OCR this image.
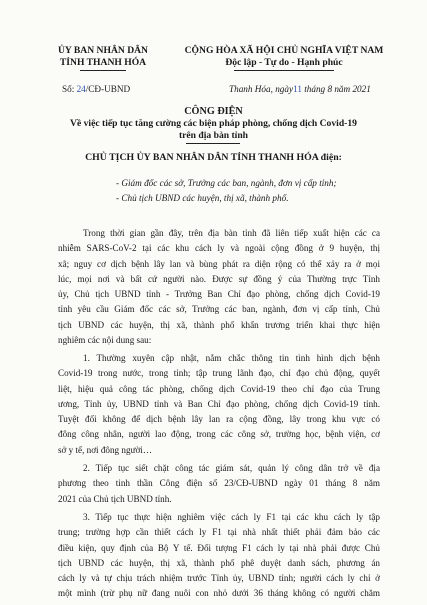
ỦY BAN NHÂN DÂN
TỈNH THANH HÓA
CỘNG HÒA XÃ HỘI CHỦ NGHĨA VIỆT NAM
Độc lập - Tự do - Hạnh phúc
Số: 24/CĐ-UBND	Thanh Hóa, ngày11 tháng 8 năm 2021
CÔNG ĐIỆN
Về việc tiếp tục tăng cường các biện pháp phòng, chống dịch Covid-19
trên địa bàn tỉnh
CHỦ TỊCH ỦY BAN NHÂN DÂN TỈNH THANH HÓA điện:
- Giám đốc các sở, Trưởng các ban, ngành, đơn vị cấp tỉnh;
- Chủ tịch UBND các huyện, thị xã, thành phố.
Trong thời gian gần đây, trên địa bàn tỉnh đã liên tiếp xuất hiện các ca
nhiễm SARS-CoV-2 tại các khu cách ly và ngoài cộng đồng ở 9 huyện, thị
xã; nguy cơ dịch bệnh lây lan và bùng phát ra diện rộng có thể xảy ra ở mọi
lúc, mọi nơi và bất cứ người nào. Được sự đồng ý của Thường trực Tỉnh
ủy, Chủ tịch UBND tỉnh - Trưởng Ban Chỉ đạo phòng, chống dịch Covid-19
tỉnh yêu cầu Giám đốc các sở, Trưởng các ban, ngành, đơn vị cấp tỉnh, Chủ
tịch UBND các huyện, thị xã, thành phố khẩn trương triển khai thực hiện
nghiêm các nội dung sau:
1. Thường xuyên cập nhật, nắm chắc thông tin tình hình dịch bệnh
Covid-19 trong nước, trong tỉnh; tập trung lãnh đạo, chỉ đạo chủ động, quyết
liệt, hiệu quả công tác phòng, chống dịch Covid-19 theo chỉ đạo của Trung
ương, Tỉnh ủy, UBND tỉnh và Ban Chỉ đạo phòng, chống dịch Covid-19 tỉnh.
Tuyệt đối không để dịch bệnh lây lan ra cộng đồng, lây trong khu vực có
đông công nhân, người lao động, trong các công sở, trường học, bệnh viện, cơ
sở y tế, nơi đông người…
2. Tiếp tục siết chặt công tác giám sát, quản lý công dân trở về địa
phương theo tinh thần Công điện số 23/CĐ-UBND ngày 01 tháng 8 năm
2021 của Chủ tịch UBND tỉnh.
3. Tiếp tục thực hiện nghiêm việc cách ly F1 tại các khu cách ly tập
trung; trường hợp cần thiết cách ly F1 tại nhà nhất thiết phải đảm bảo các
điều kiện, quy định của Bộ Y tế. Đối tượng F1 cách ly tại nhà phải được Chủ
tịch UBND các huyện, thị xã, thành phố phê duyệt danh sách, phương án
cách ly và tự chịu trách nhiệm trước Tỉnh ủy, UBND tỉnh; người cách ly chỉ ở
một mình (trừ phụ nữ đang nuôi con nhỏ dưới 36 tháng không có người chăm
